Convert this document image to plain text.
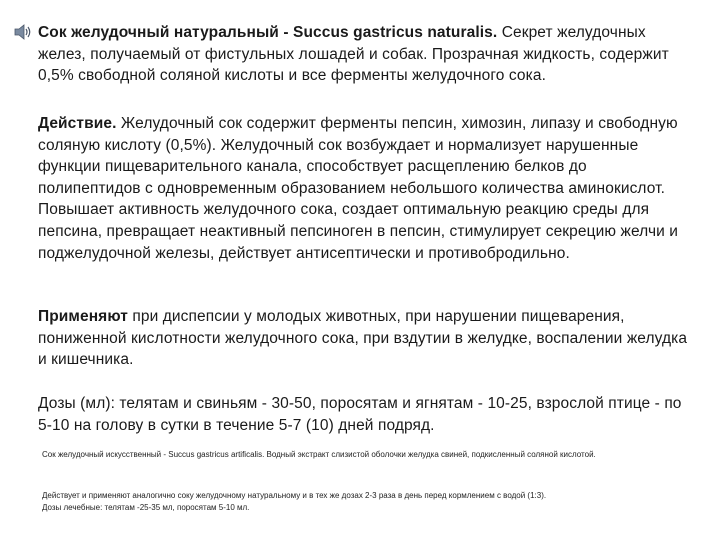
Сок желудочный натуральный - Succus gastricus naturalis. Секрет желудочных желез, получаемый от фистульных лошадей и собак. Прозрачная жидкость, содержит 0,5% свободной соляной кислоты и все ферменты желудочного сока.
Действие. Желудочный сок содержит ферменты пепсин, химозин, липазу и свободную соляную кислоту (0,5%). Желудочный сок возбуждает и нормализует нарушенные функции пищеварительного канала, способствует расщеплению белков до полипептидов с одновременным образованием небольшого количества аминокислот. Повышает активность желудочного сока, создает оптимальную реакцию среды для пепсина, превращает неактивный пепсиноген в пепсин, стимулирует секрецию желчи и поджелудочной железы, действует антисептически и противобродильно.
Применяют при диспепсии у молодых животных, при нарушении пищеварения, пониженной кислотности желудочного сока, при вздутии в желудке, воспалении желудка и кишечника.
Дозы (мл): телятам и свиньям - 30-50, поросятам и ягнятам - 10-25, взрослой птице - по 5-10 на голову в сутки в течение 5-7 (10) дней подряд.
Сок желудочный искусственный - Succus gastricus artificalis. Водный экстракт слизистой оболочки желудка свиней, подкисленный соляной кислотой.
Действует и применяют аналогично соку желудочному натуральному и в тех же дозах 2-3 раза в день перед кормлением с водой (1:3).
Дозы лечебные: телятам -25-35 мл, поросятам 5-10 мл.
